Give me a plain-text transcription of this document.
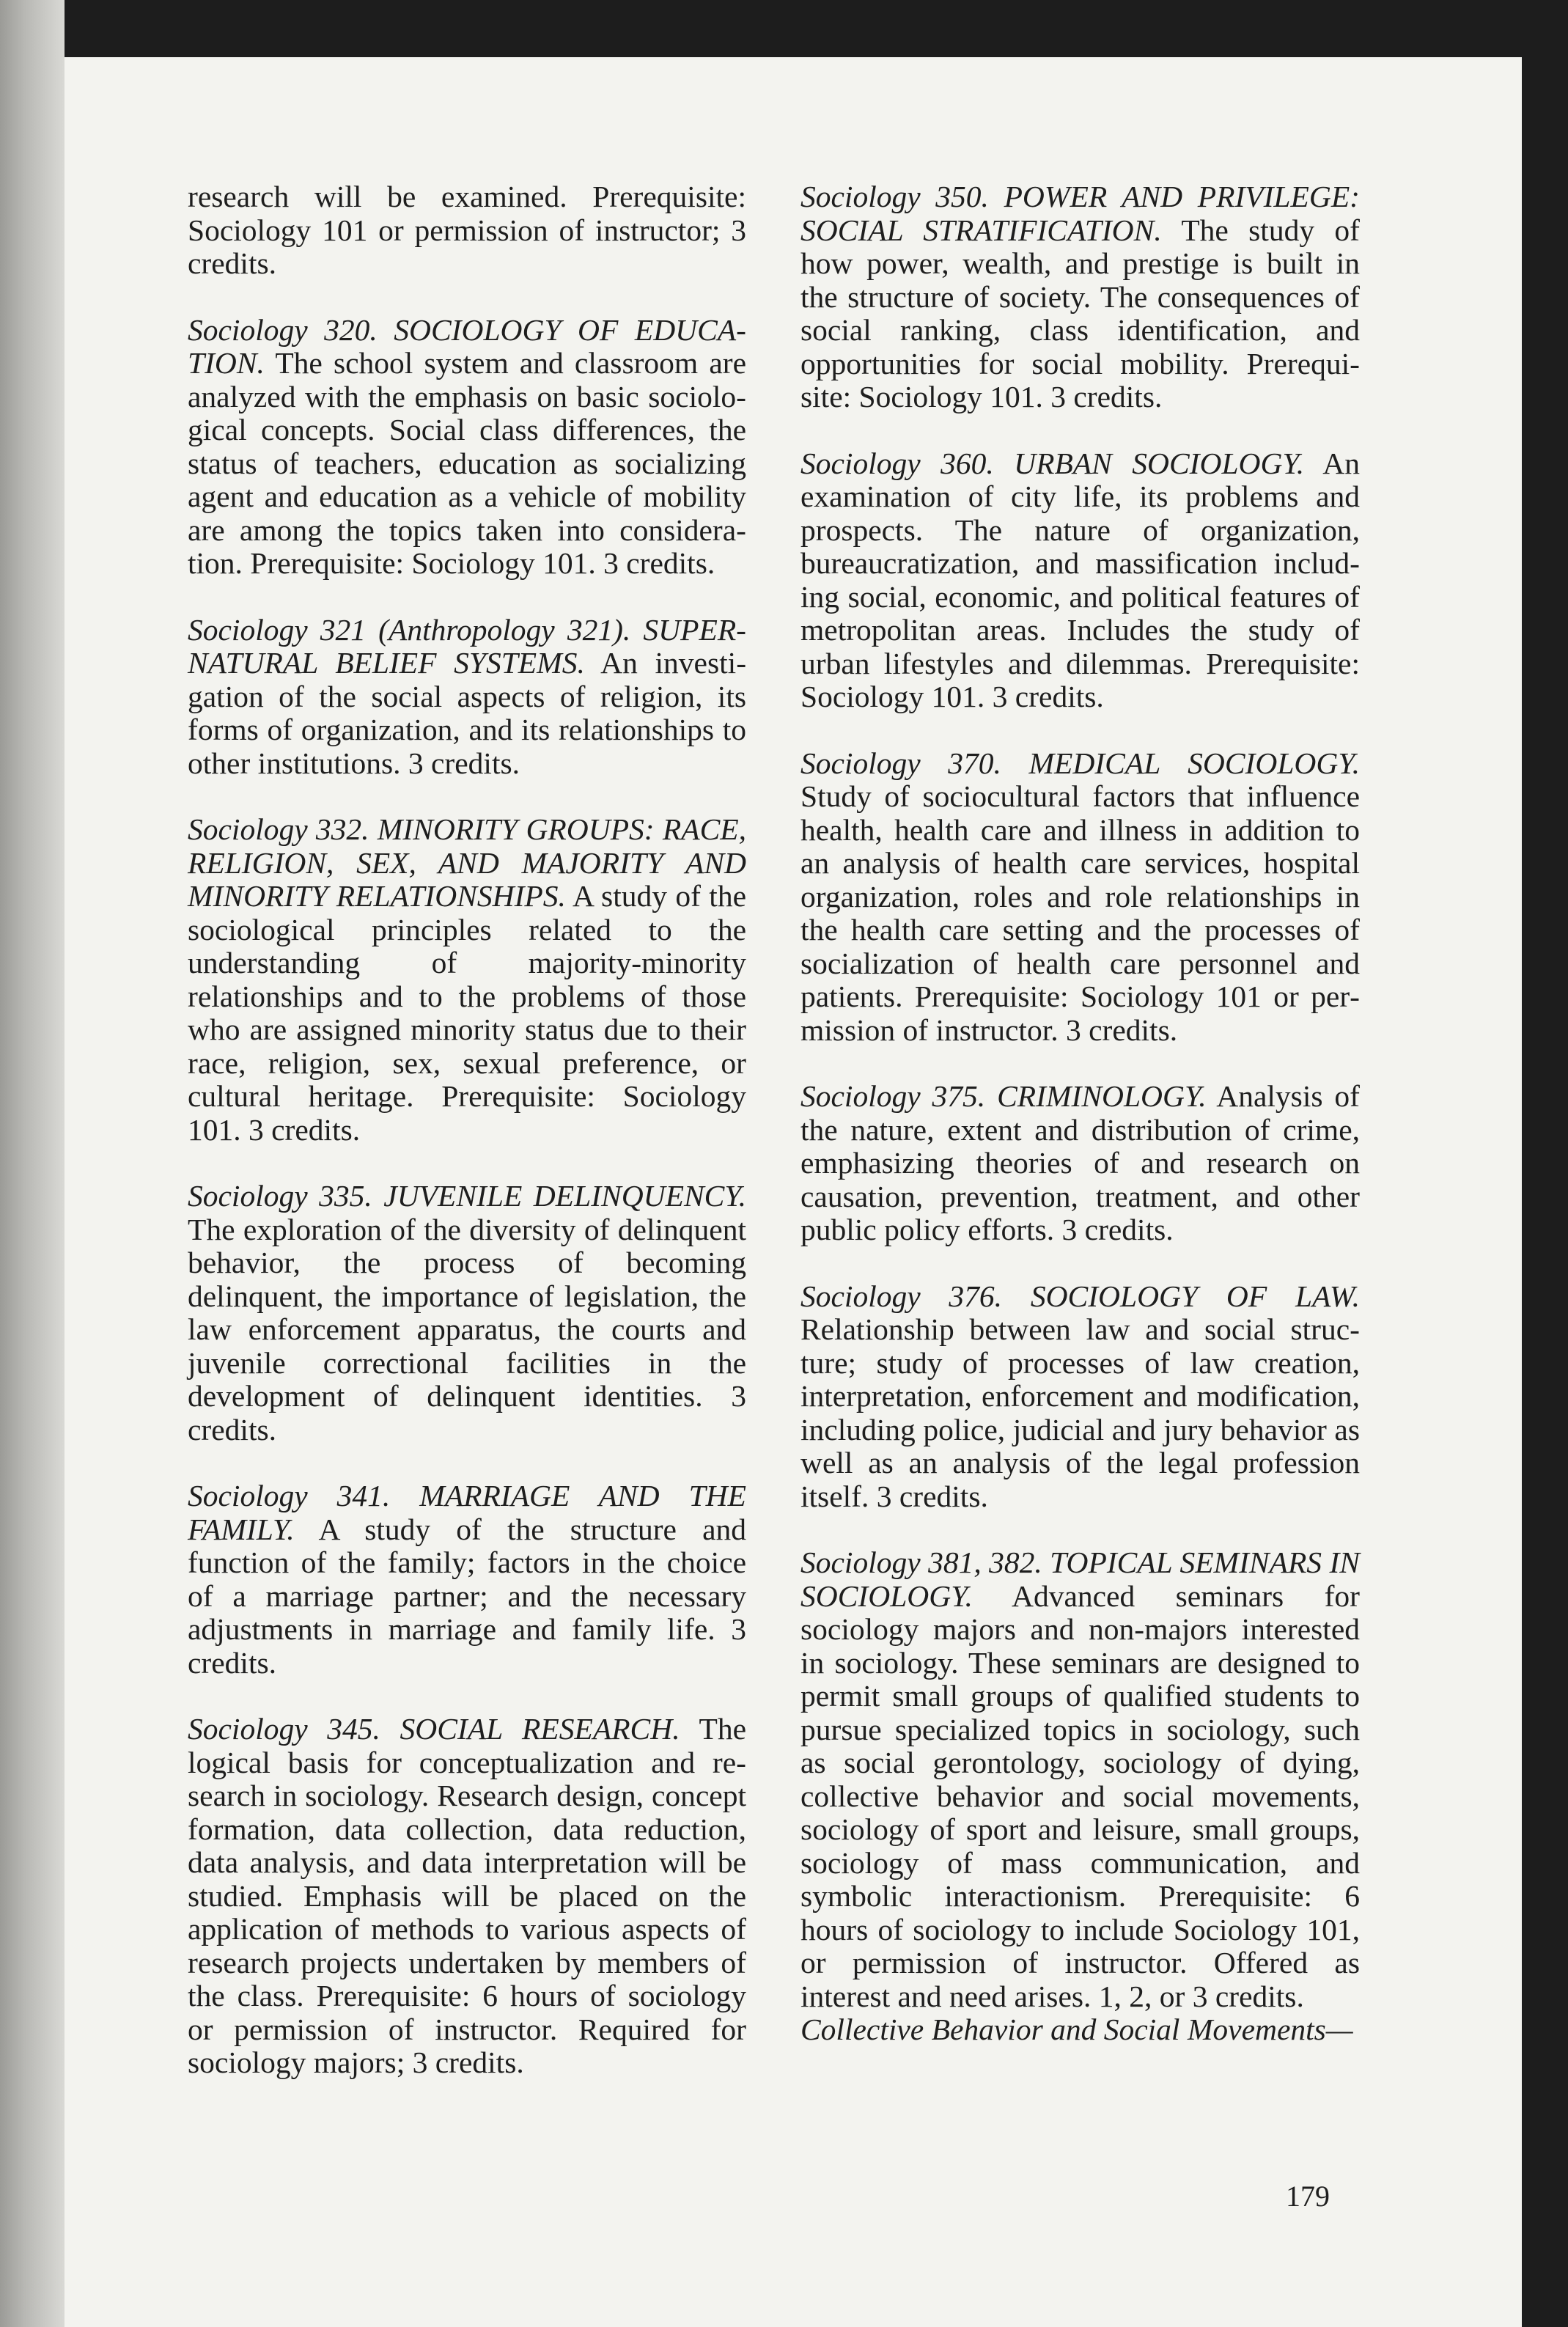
research will be examined. Prerequisite: Sociology 101 or permission of instructor; 3 credits.

Sociology 320. SOCIOLOGY OF EDUCATION. The school system and classroom are analyzed with the emphasis on basic sociological concepts. Social class differences, the status of teachers, education as socializing agent and education as a vehicle of mobility are among the topics taken into consideration. Prerequisite: Sociology 101. 3 credits.

Sociology 321 (Anthropology 321). SUPERNATURAL BELIEF SYSTEMS. An investigation of the social aspects of religion, its forms of organization, and its relationships to other institutions. 3 credits.

Sociology 332. MINORITY GROUPS: RACE, RELIGION, SEX, AND MAJORITY AND MINORITY RELATIONSHIPS. A study of the sociological principles related to the understanding of majority-minority relationships and to the problems of those who are assigned minority status due to their race, religion, sex, sexual preference, or cultural heritage. Prerequisite: Sociology 101. 3 credits.

Sociology 335. JUVENILE DELINQUENCY. The exploration of the diversity of delinquent behavior, the process of becoming delinquent, the importance of legislation, the law enforcement apparatus, the courts and juvenile correctional facilities in the development of delinquent identities. 3 credits.

Sociology 341. MARRIAGE AND THE FAMILY. A study of the structure and function of the family; factors in the choice of a marriage partner; and the necessary adjustments in marriage and family life. 3 credits.

Sociology 345. SOCIAL RESEARCH. The logical basis for conceptualization and research in sociology. Research design, concept formation, data collection, data reduction, data analysis, and data interpretation will be studied. Emphasis will be placed on the application of methods to various aspects of research projects undertaken by members of the class. Prerequisite: 6 hours of sociology or permission of instructor. Required for sociology majors; 3 credits.

Sociology 350. POWER AND PRIVILEGE: SOCIAL STRATIFICATION. The study of how power, wealth, and prestige is built in the structure of society. The consequences of social ranking, class identification, and opportunities for social mobility. Prerequisite: Sociology 101. 3 credits.

Sociology 360. URBAN SOCIOLOGY. An examination of city life, its problems and prospects. The nature of organization, bureaucratization, and massification including social, economic, and political features of metropolitan areas. Includes the study of urban lifestyles and dilemmas. Prerequisite: Sociology 101. 3 credits.

Sociology 370. MEDICAL SOCIOLOGY. Study of sociocultural factors that influence health, health care and illness in addition to an analysis of health care services, hospital organization, roles and role relationships in the health care setting and the processes of socialization of health care personnel and patients. Prerequisite: Sociology 101 or permission of instructor. 3 credits.

Sociology 375. CRIMINOLOGY. Analysis of the nature, extent and distribution of crime, emphasizing theories of and research on causation, prevention, treatment, and other public policy efforts. 3 credits.

Sociology 376. SOCIOLOGY OF LAW. Relationship between law and social structure; study of processes of law creation, interpretation, enforcement and modification, including police, judicial and jury behavior as well as an analysis of the legal profession itself. 3 credits.

Sociology 381, 382. TOPICAL SEMINARS IN SOCIOLOGY. Advanced seminars for sociology majors and non-majors interested in sociology. These seminars are designed to permit small groups of qualified students to pursue specialized topics in sociology, such as social gerontology, sociology of dying, collective behavior and social movements, sociology of sport and leisure, small groups, sociology of mass communication, and symbolic interactionism. Prerequisite: 6 hours of sociology to include Sociology 101, or permission of instructor. Offered as interest and need arises. 1, 2, or 3 credits.

Collective Behavior and Social Movements—

179
